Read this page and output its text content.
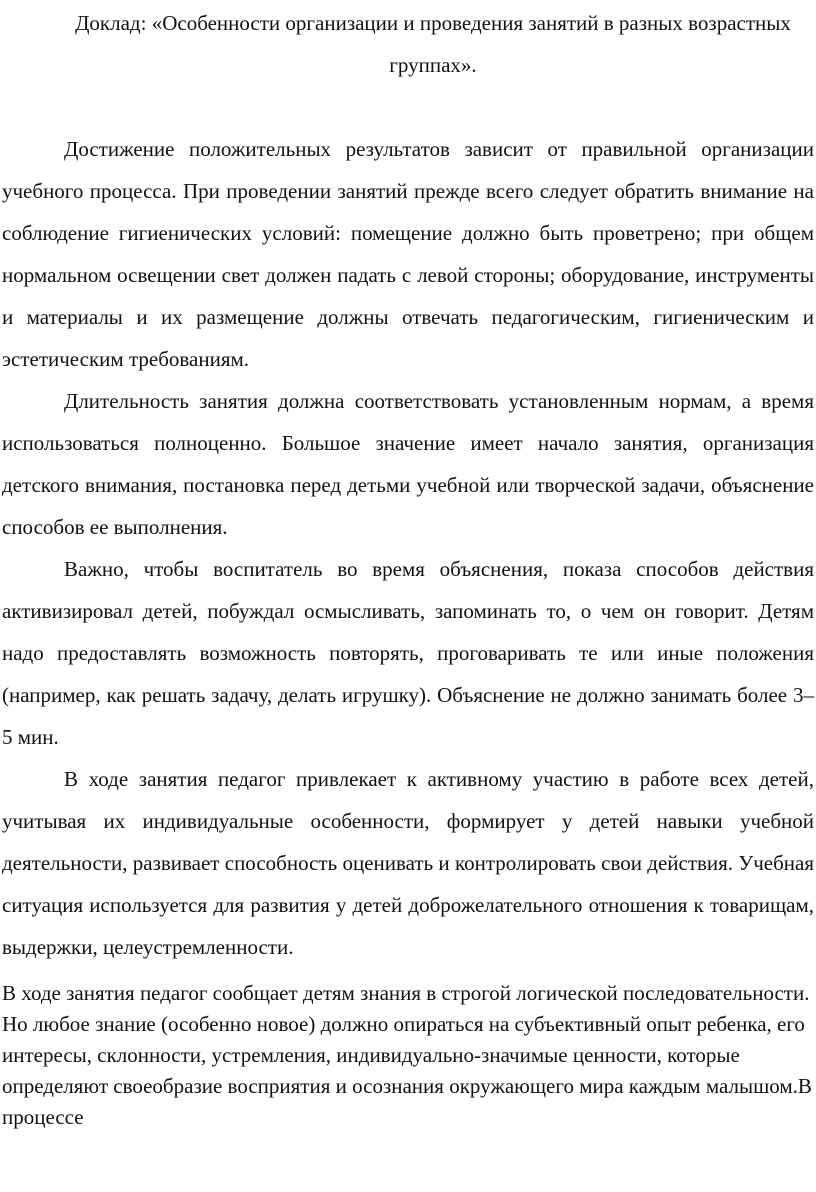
Доклад: «Особенности организации и проведения занятий в разных возрастных группах».

Достижение положительных результатов зависит от правильной организации учебного процесса. При проведении занятий прежде всего следует обратить внимание на соблюдение гигиенических условий: помещение должно быть проветрено; при общем нормальном освещении свет должен падать с левой стороны; оборудование, инструменты и материалы и их размещение должны отвечать педагогическим, гигиеническим и эстетическим требованиям.

Длительность занятия должна соответствовать установленным нормам, а время использоваться полноценно. Большое значение имеет начало занятия, организация детского внимания, постановка перед детьми учебной или творческой задачи, объяснение способов ее выполнения.

Важно, чтобы воспитатель во время объяснения, показа способов действия активизировал детей, побуждал осмысливать, запоминать то, о чем он говорит. Детям надо предоставлять возможность повторять, проговаривать те или иные положения (например, как решать задачу, делать игрушку). Объяснение не должно занимать более 3–5 мин.

В ходе занятия педагог привлекает к активному участию в работе всех детей, учитывая их индивидуальные особенности, формирует у детей навыки учебной деятельности, развивает способность оценивать и контролировать свои действия. Учебная ситуация используется для развития у детей доброжелательного отношения к товарищам, выдержки, целеустремленности.

В ходе занятия педагог сообщает детям знания в строгой логической последовательности. Но любое знание (особенно новое) должно опираться на субъективный опыт ребенка, его интересы, склонности, устремления, индивидуально-значимые ценности, которые определяют своеобразие восприятия и осознания окружающего мира каждым малышом.В процессе
